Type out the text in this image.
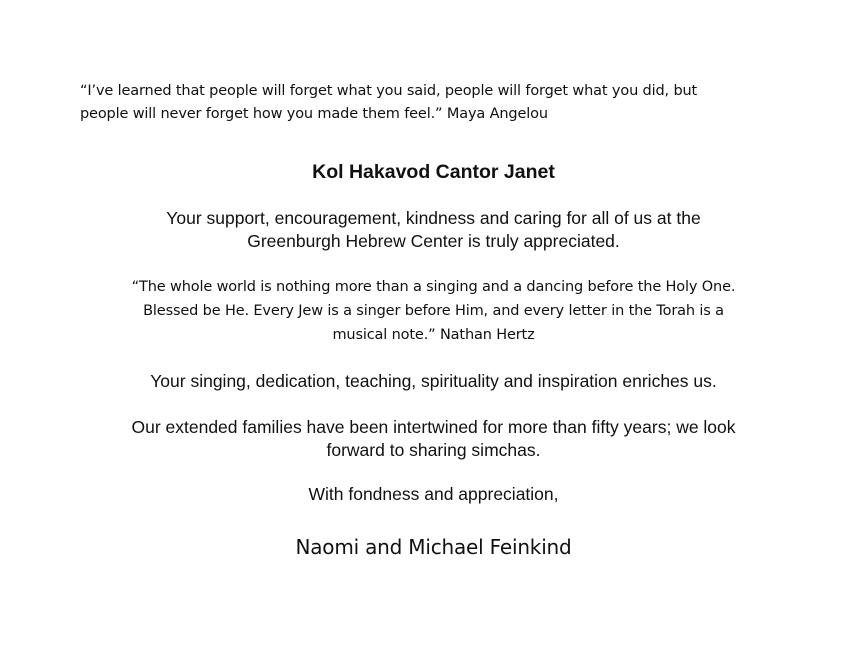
“I’ve learned that people will forget what you said, people will forget what you did, but
people will never forget how you made them feel.” Maya Angelou
Kol Hakavod Cantor Janet
Your support, encouragement, kindness and caring for all of us at the
Greenburgh Hebrew Center is truly appreciated.
“The whole world is nothing more than a singing and a dancing before the Holy One.
Blessed be He. Every Jew is a singer before Him, and every letter in the Torah is a
musical note.” Nathan Hertz
Your singing, dedication, teaching, spirituality and inspiration enriches us.
Our extended families have been intertwined for more than fifty years; we look
forward to sharing simchas.
With fondness and appreciation,
Naomi and Michael Feinkind
